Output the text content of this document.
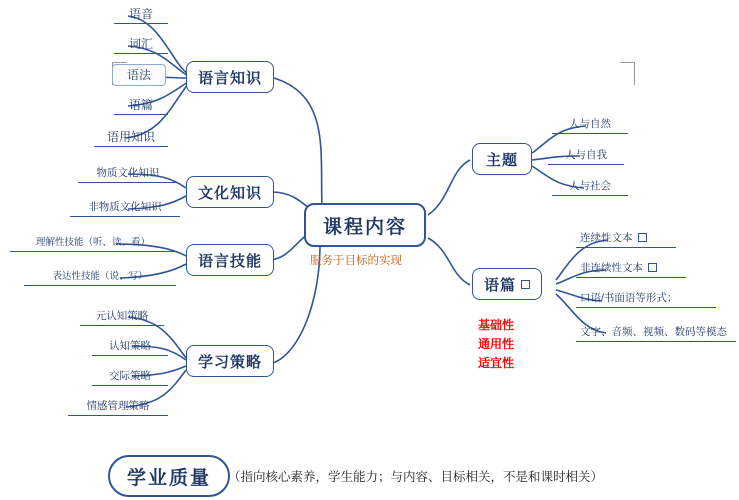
课程内容
服务于目标的实现
语言知识
语音
词汇
语法
语篇
语用知识
文化知识
物质文化知识
非物质文化知识
语言技能
理解性技能（听、读、看）
表达性技能（说、写）
学习策略
元认知策略
认知策略
交际策略
情感管理策略
主题
人与自然
人与自我
人与社会
语篇
连续性文本
非连续性文本
口语/书面语等形式；
文字、音频、视频、数码等模态
基础性
通用性
适宜性
学业质量 （指向核心素养，学生能力；与内容、目标相关，不是和课时相关）
